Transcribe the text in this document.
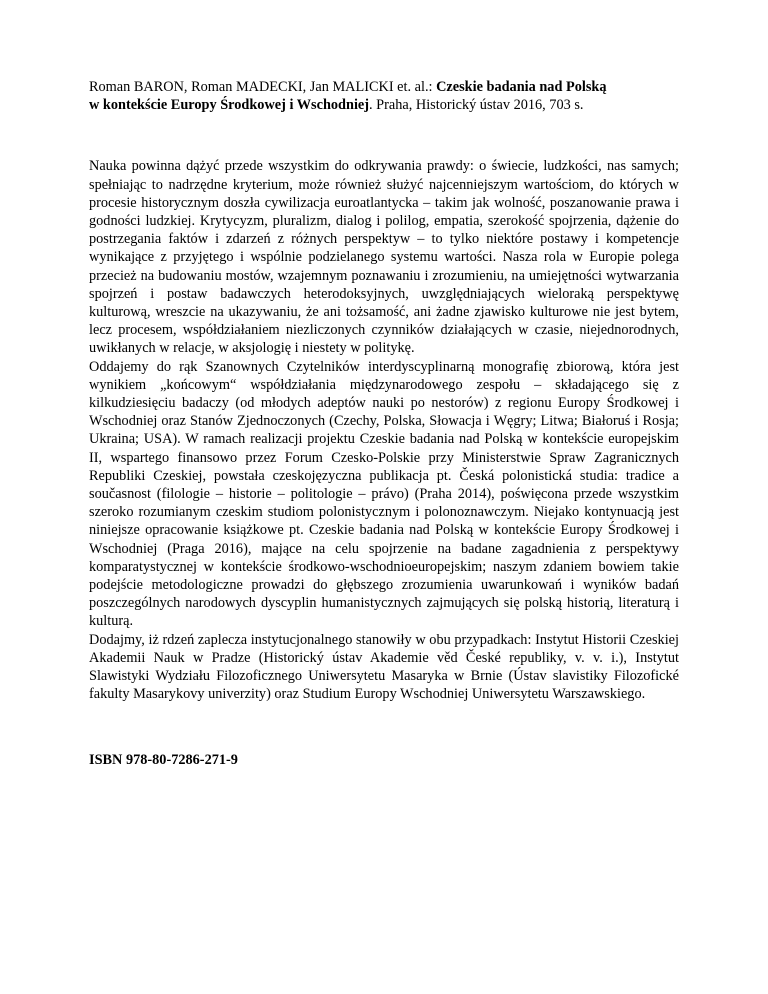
Roman BARON, Roman MADECKI, Jan MALICKI et. al.: Czeskie badania nad Polską
w kontekście Europy Środkowej i Wschodniej. Praha, Historický ústav 2016, 703 s.

Nauka powinna dążyć przede wszystkim do odkrywania prawdy: o świecie, ludzkości, nas samych; spełniając to nadrzędne kryterium, może również służyć najcenniejszym wartościom, do których w procesie historycznym doszła cywilizacja euroatlantycka – takim jak wolność, poszanowanie prawa i godności ludzkiej. Krytycyzm, pluralizm, dialog i polilog, empatia, szerokość spojrzenia, dążenie do postrzegania faktów i zdarzeń z różnych perspektyw – to tylko niektóre postawy i kompetencje wynikające z przyjętego i wspólnie podzielanego systemu wartości. Nasza rola w Europie polega przecież na budowaniu mostów, wzajemnym poznawaniu i zrozumieniu, na umiejętności wytwarzania spojrzeń i postaw badawczych heterodoksyjnych, uwzględniających wieloraką perspektywę kulturową, wreszcie na ukazywaniu, że ani tożsamość, ani żadne zjawisko kulturowe nie jest bytem, lecz procesem, współdziałaniem niezliczonych czynników działających w czasie, niejednorodnych, uwikłanych w relacje, w aksjologię i niestety w politykę.

Oddajemy do rąk Szanownych Czytelników interdyscyplinarną monografię zbiorową, która jest wynikiem „końcowym“ współdziałania międzynarodowego zespołu – składającego się z kilkudziesięciu badaczy (od młodych adeptów nauki po nestorów) z regionu Europy Środkowej i Wschodniej oraz Stanów Zjednoczonych (Czechy, Polska, Słowacja i Węgry; Litwa; Białoruś i Rosja; Ukraina; USA). W ramach realizacji projektu Czeskie badania nad Polską w kontekście europejskim II, wspartego finansowo przez Forum Czesko-Polskie przy Ministerstwie Spraw Zagranicznych Republiki Czeskiej, powstała czeskojęzyczna publikacja pt. Česká polonistická studia: tradice a současnost (filologie – historie – politologie – právo) (Praha 2014), poświęcona przede wszystkim szeroko rozumianym czeskim studiom polonistycznym i polonoznawczym. Niejako kontynuacją jest niniejsze opracowanie książkowe pt. Czeskie badania nad Polską w kontekście Europy Środkowej i Wschodniej (Praga 2016), mające na celu spojrzenie na badane zagadnienia z perspektywy komparatystycznej w kontekście środkowo-wschodnioeuropejskim; naszym zdaniem bowiem takie podejście metodologiczne prowadzi do głębszego zrozumienia uwarunkowań i wyników badań poszczególnych narodowych dyscyplin humanistycznych zajmujących się polską historią, literaturą i kulturą.

Dodajmy, iż rdzeń zaplecza instytucjonalnego stanowiły w obu przypadkach: Instytut Historii Czeskiej Akademii Nauk w Pradze (Historický ústav Akademie věd České republiky, v. v. i.), Instytut Slawistyki Wydziału Filozoficznego Uniwersytetu Masaryka w Brnie (Ústav slavistiky Filozofické fakulty Masarykovy univerzity) oraz Studium Europy Wschodniej Uniwersytetu Warszawskiego.

ISBN 978-80-7286-271-9
